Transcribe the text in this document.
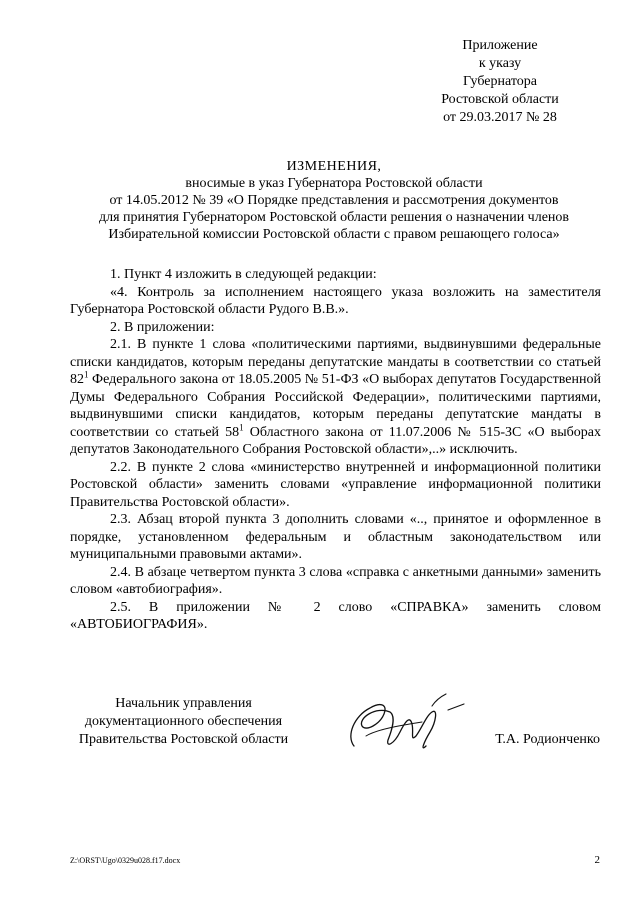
Приложение
к указу
Губернатора
Ростовской области
от 29.03.2017 № 28
ИЗМЕНЕНИЯ,
вносимые в указ Губернатора Ростовской области
от 14.05.2012 № 39 «О Порядке представления и рассмотрения документов
для принятия Губернатором Ростовской области решения о назначении членов
Избирательной комиссии Ростовской области с правом решающего голоса»

1. Пункт 4 изложить в следующей редакции:

«4. Контроль за исполнением настоящего указа возложить на заместителя Губернатора Ростовской области Рудого В.В.».

2. В приложении:

2.1. В пункте 1 слова «политическими партиями, выдвинувшими федеральные списки кандидатов, которым переданы депутатские мандаты в соответствии со статьей $82^1$ Федерального закона от 18.05.2005 № 51-ФЗ «О выборах депутатов Государственной Думы Федерального Собрания Российской Федерации», политическими партиями, выдвинувшими списки кандидатов, которым переданы депутатские мандаты в соответствии со статьей $58^1$ Областного закона от 11.07.2006 № 515-ЗС «О выборах депутатов Законодательного Собрания Ростовской области»,..» исключить.

2.2. В пункте 2 слова «министерство внутренней и информационной политики Ростовской области» заменить словами «управление информационной политики Правительства Ростовской области».

2.3. Абзац второй пункта 3 дополнить словами «.., принятое и оформленное в порядке, установленном федеральным и областным законодательством или муниципальными правовыми актами».

2.4. В абзаце четвертом пункта 3 слова «справка с анкетными данными» заменить словом «автобиография».

2.5. В приложении № 2 слово «СПРАВКА» заменить словом

«АВТОБИОГРАФИЯ».

Начальник управления
документационного обеспечения
Правительства Ростовской области	Т.А. Родионченко
Z:\ORST\Ugo\0329u028.f17.docx	2
